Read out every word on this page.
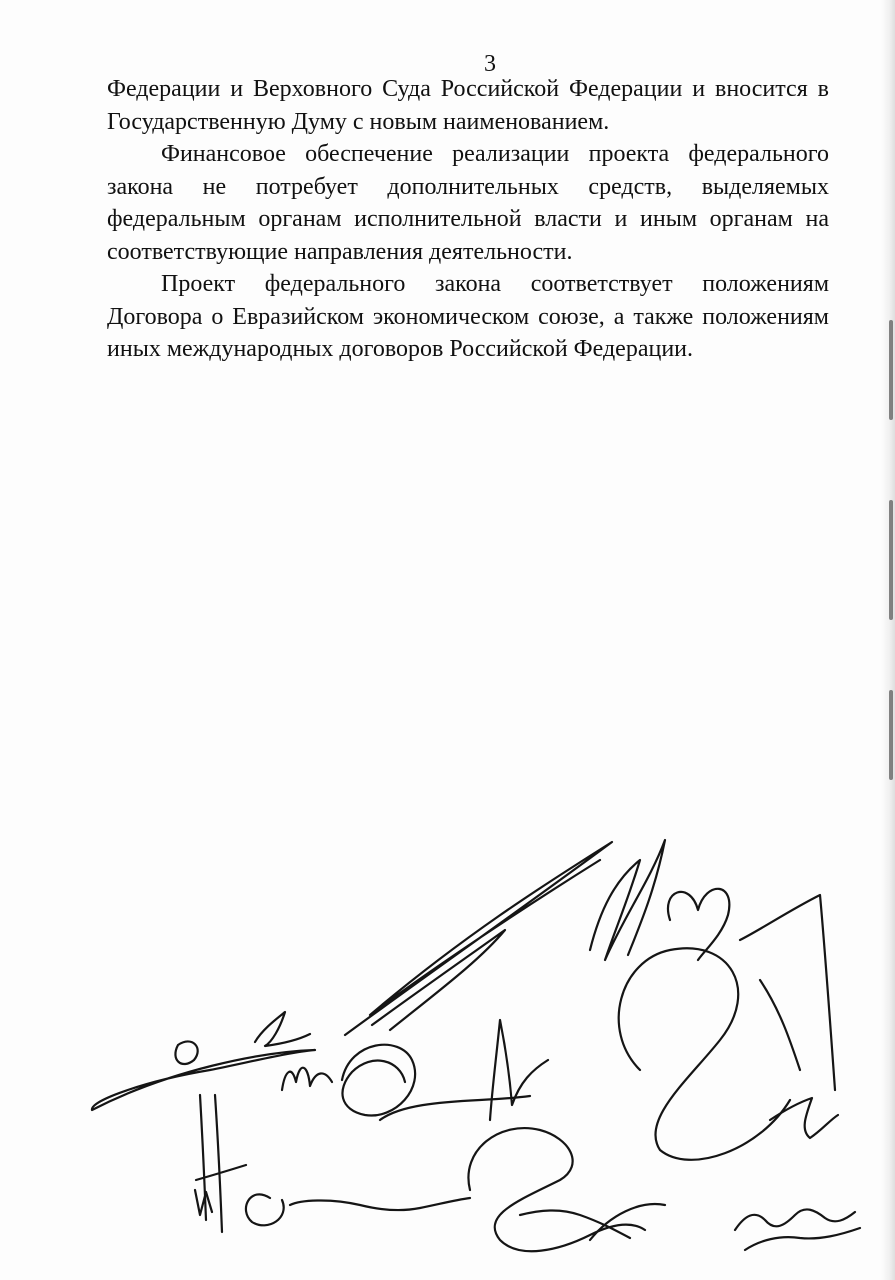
3

Федерации и Верховного Суда Российской Федерации и вносится в Государственную Думу с новым наименованием.

Финансовое обеспечение реализации проекта федерального закона не потребует дополнительных средств, выделяемых федеральным органам исполнительной власти и иным органам на соответствующие направления деятельности.

Проект федерального закона соответствует положениям Договора о Евразийском экономическом союзе, а также положениям иных международных договоров Российской Федерации.
